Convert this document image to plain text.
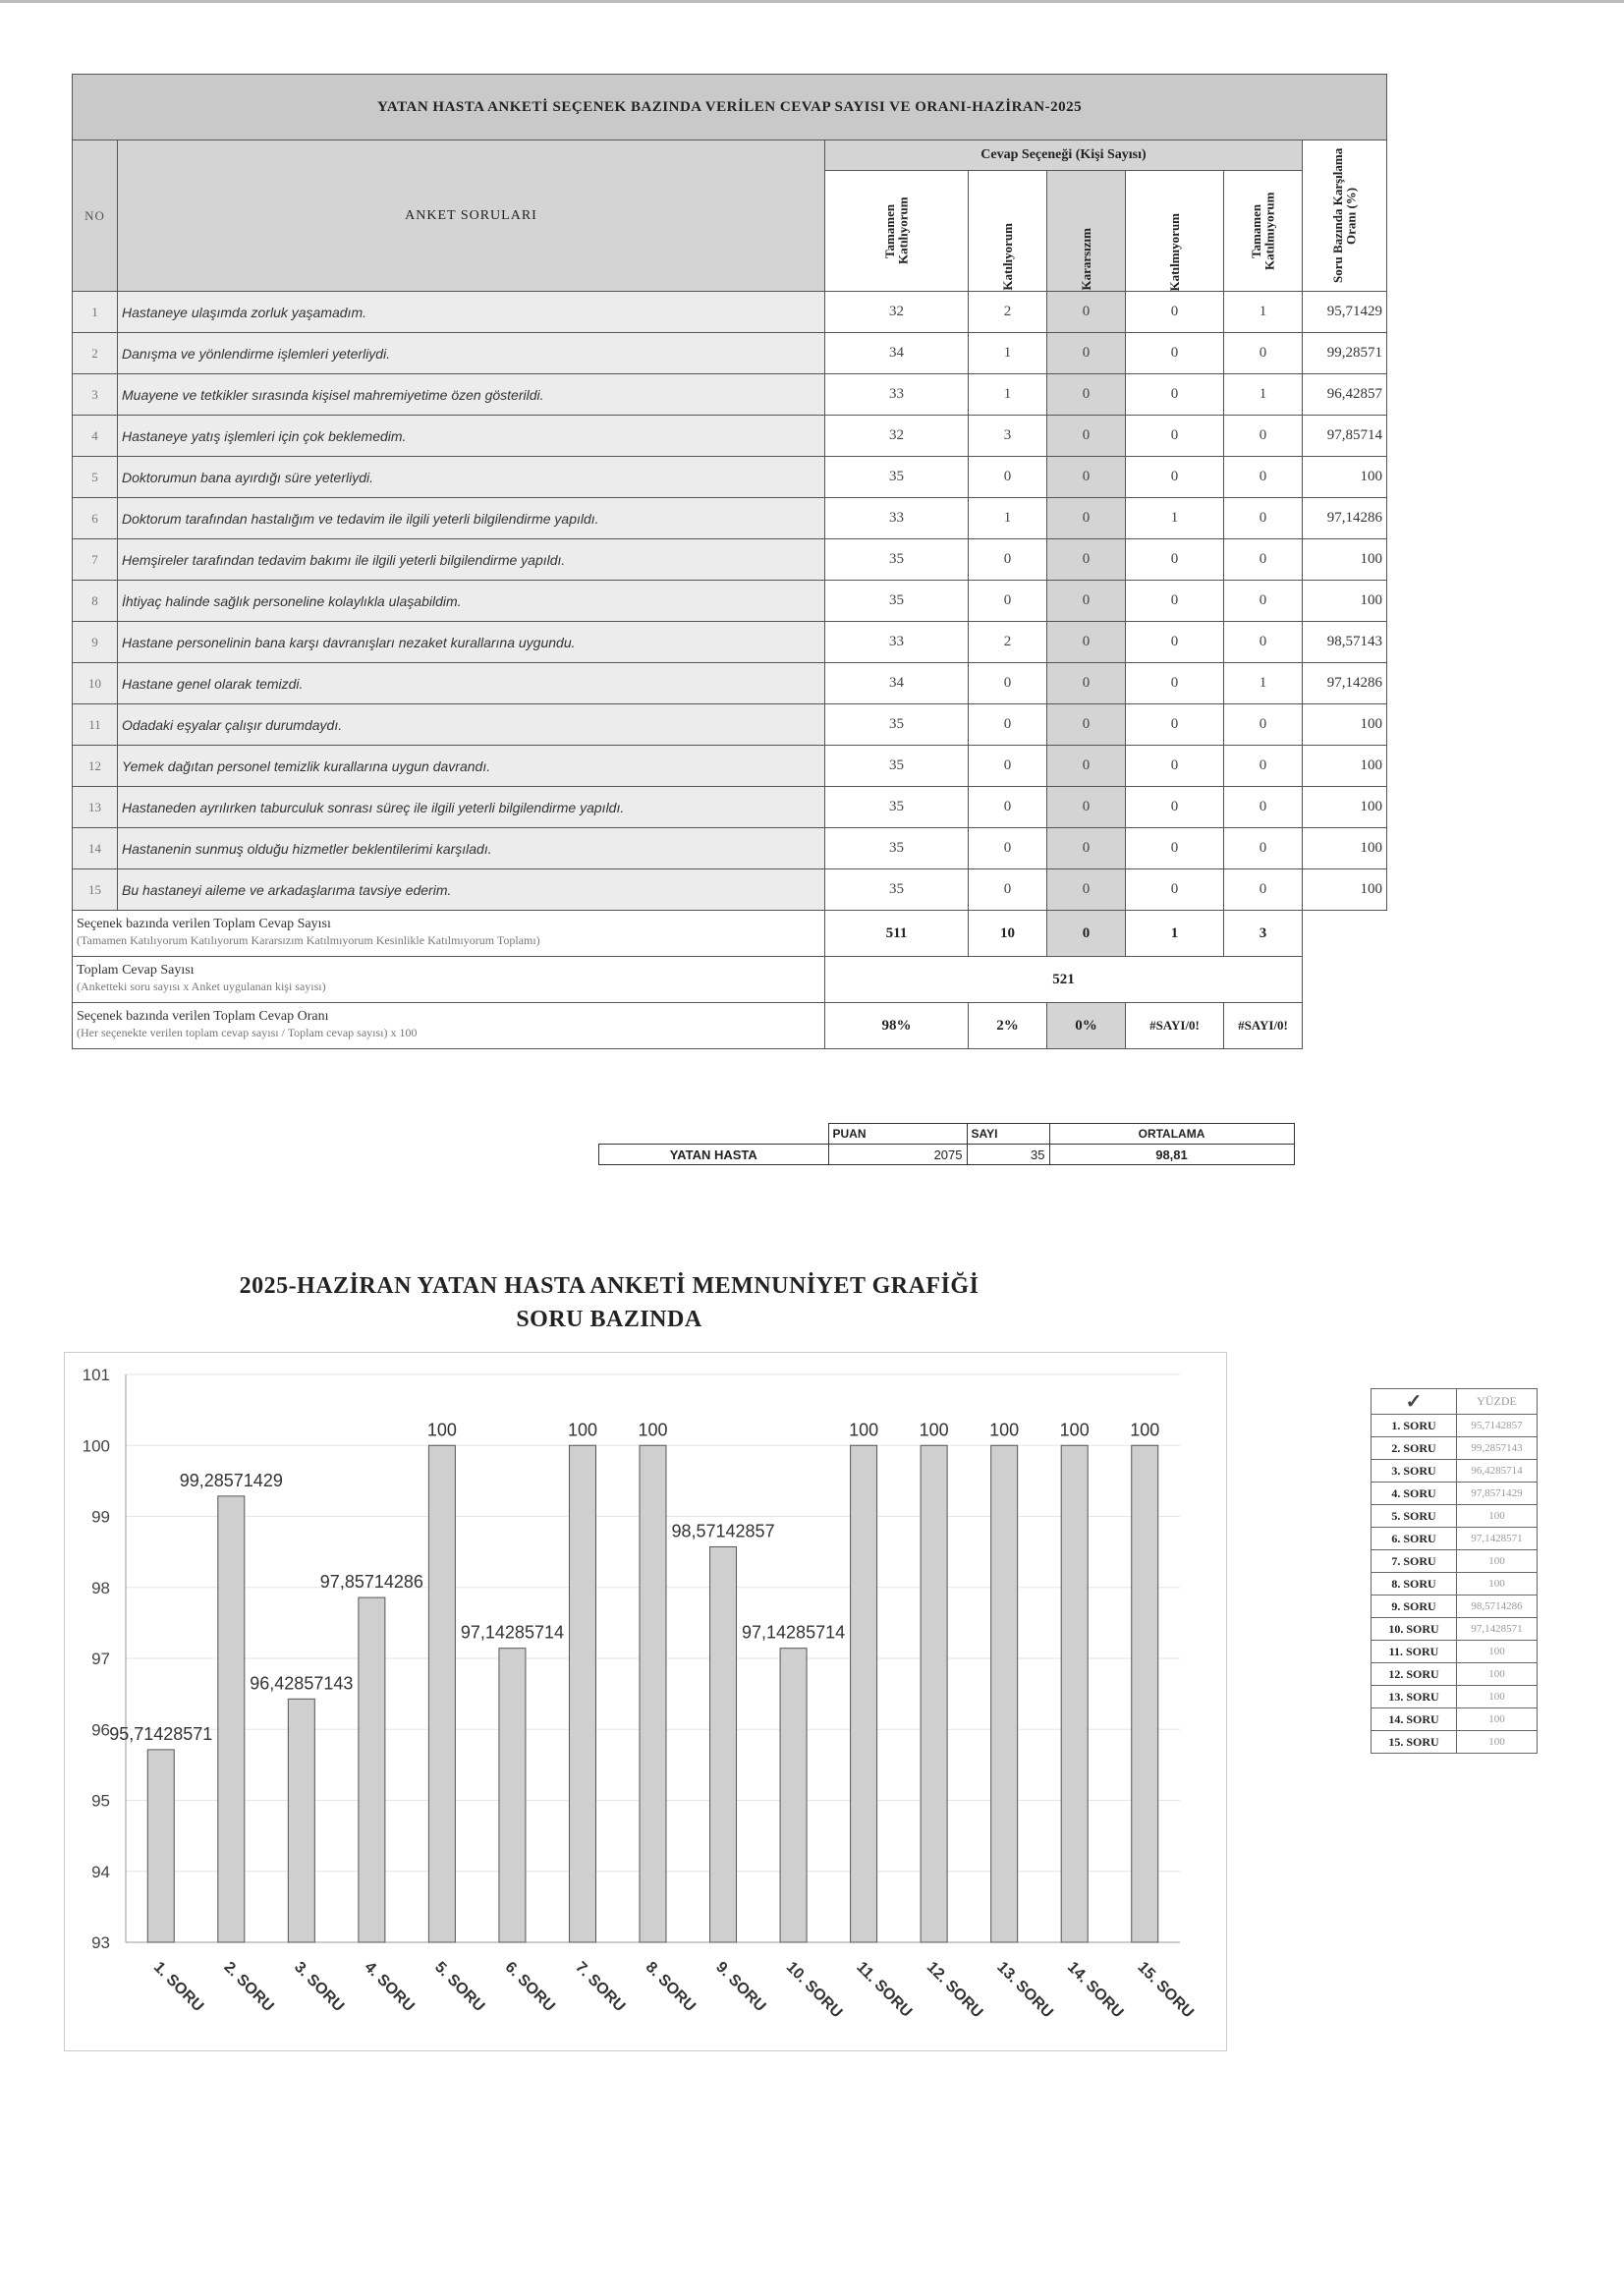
YATAN HASTA ANKETİ SEÇENEK BAZINDA VERİLEN CEVAP SAYISI VE ORANI-HAZİRAN-2025							
NO	ANKET SORULARI	Cevap Seçeneği (Kişi Sayısı)					Soru Bazında Karşılama Oranı (%)

		Tamamen Katılıyorum	Katılıyorum	Kararsızım	Katılmıyorum	Tamamen Katılmıyorum	

1	Hastaneye ulaşımda zorluk yaşamadım.	32	2	0	0	1	95,71429
2	Danışma ve yönlendirme işlemleri yeterliydi.	34	1	0	0	0	99,28571
3	Muayene ve tetkikler sırasında kişisel mahremiyetime özen gösterildi.	33	1	0	0	1	96,42857
4	Hastaneye yatış işlemleri için çok beklemedim.	32	3	0	0	0	97,85714
5	Doktorumun bana ayırdığı süre yeterliydi.	35	0	0	0	0	100
6	Doktorum tarafından hastalığım ve tedavim ile ilgili yeterli bilgilendirme yapıldı.	33	1	0	1	0	97,14286
7	Hemşireler tarafından tedavim bakımı ile ilgili yeterli bilgilendirme yapıldı.	35	0	0	0	0	100
8	İhtiyaç halinde sağlık personeline kolaylıkla ulaşabildim.	35	0	0	0	0	100
9	Hastane personelinin bana karşı davranışları nezaket kurallarına uygundu.	33	2	0	0	0	98,57143
10	Hastane genel olarak temizdi.	34	0	0	0	1	97,14286
11	Odadaki eşyalar çalışır durumdaydı.	35	0	0	0	0	100
12	Yemek dağıtan personel temizlik kurallarına uygun davrandı.	35	0	0	0	0	100
13	Hastaneden ayrılırken taburculuk sonrası süreç ile ilgili yeterli bilgilendirme yapıldı.	35	0	0	0	0	100
14	Hastanenin sunmuş olduğu hizmetler beklentilerimi karşıladı.	35	0	0	0	0	100
15	Bu hastaneyi aileme ve arkadaşlarıma tavsiye ederim.	35	0	0	0	0	100

Seçenek bazında verilen Toplam Cevap Sayısı
(Tamamen Katılıyorum Katılıyorum Kararsızım Katılmıyorum Kesinlikle Katılmıyorum Toplamı)		511	10	0	1	3	

Toplam Cevap Sayısı
(Anketteki soru sayısı x Anket uygulanan kişi sayısı)		521					

Seçenek bazında verilen Toplam Cevap Oranı
(Her seçenekte verilen toplam cevap sayısı / Toplam cevap sayısı) x 100		98%	2%	0%	#SAYI/0!	#SAYI/0!	
	PUAN	SAYI	ORTALAMA
YATAN HASTA	2075	35	98,81
2025-HAZİRAN YATAN HASTA ANKETİ MEMNUNİYET GRAFİĞİ
SORU BAZINDA
93
94
95
96
97
98
99
100
101
95,71428571
1. SORU
99,28571429
2. SORU
96,42857143
3. SORU
97,85714286
4. SORU
100
5. SORU
97,14285714
6. SORU
100
7. SORU
100
8. SORU
98,57142857
9. SORU
97,14285714
10. SORU
100
11. SORU
100
12. SORU
100
13. SORU
100
14. SORU
100
15. SORU
✓	YÜZDE
1. SORU	95,7142857
2. SORU	99,2857143
3. SORU	96,4285714
4. SORU	97,8571429
5. SORU	100
6. SORU	97,1428571
7. SORU	100
8. SORU	100
9. SORU	98,5714286
10. SORU	97,1428571
11. SORU	100
12. SORU	100
13. SORU	100
14. SORU	100
15. SORU	100
